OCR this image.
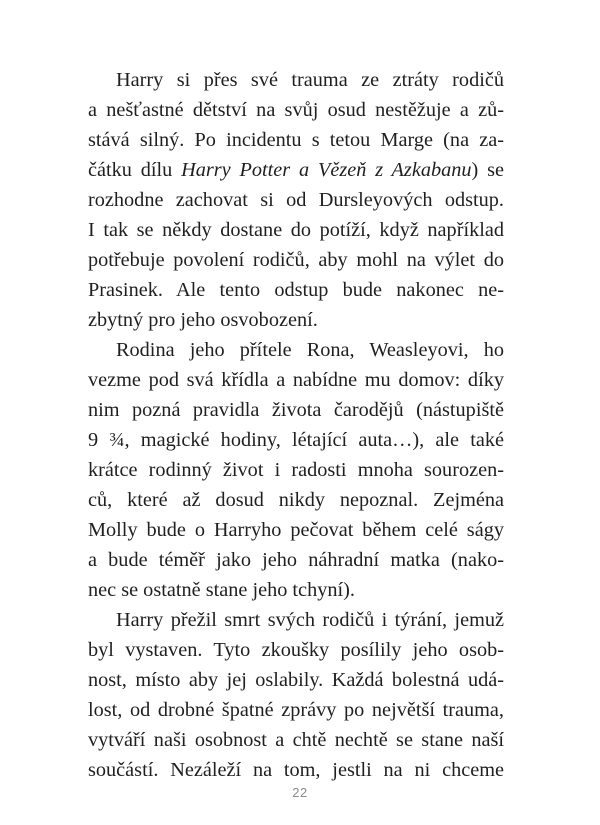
Harry si přes své trauma ze ztráty rodičů
a nešťastné dětství na svůj osud nestěžuje a zů-
stává silný. Po incidentu s tetou Marge (na za-
čátku dílu Harry Potter a Vězeň z Azkabanu) se
rozhodne zachovat si od Dursleyových odstup.
I tak se někdy dostane do potíží, když například
potřebuje povolení rodičů, aby mohl na výlet do
Prasinek. Ale tento odstup bude nakonec ne-
zbytný pro jeho osvobození.
Rodina jeho přítele Rona, Weasleyovi, ho
vezme pod svá křídla a nabídne mu domov: díky
nim pozná pravidla života čarodějů (nástupiště
9 ¾, magické hodiny, létající auta…), ale také
krátce rodinný život i radosti mnoha sourozen-
ců, které až dosud nikdy nepoznal. Zejména
Molly bude o Harryho pečovat během celé ságy
a bude téměř jako jeho náhradní matka (nako-
nec se ostatně stane jeho tchyní).
Harry přežil smrt svých rodičů i týrání, jemuž
byl vystaven. Tyto zkoušky posílily jeho osob-
nost, místo aby jej oslabily. Každá bolestná udá-
lost, od drobné špatné zprávy po největší trauma,
vytváří naši osobnost a chtě nechtě se stane naší
součástí. Nezáleží na tom, jestli na ni chceme
22
